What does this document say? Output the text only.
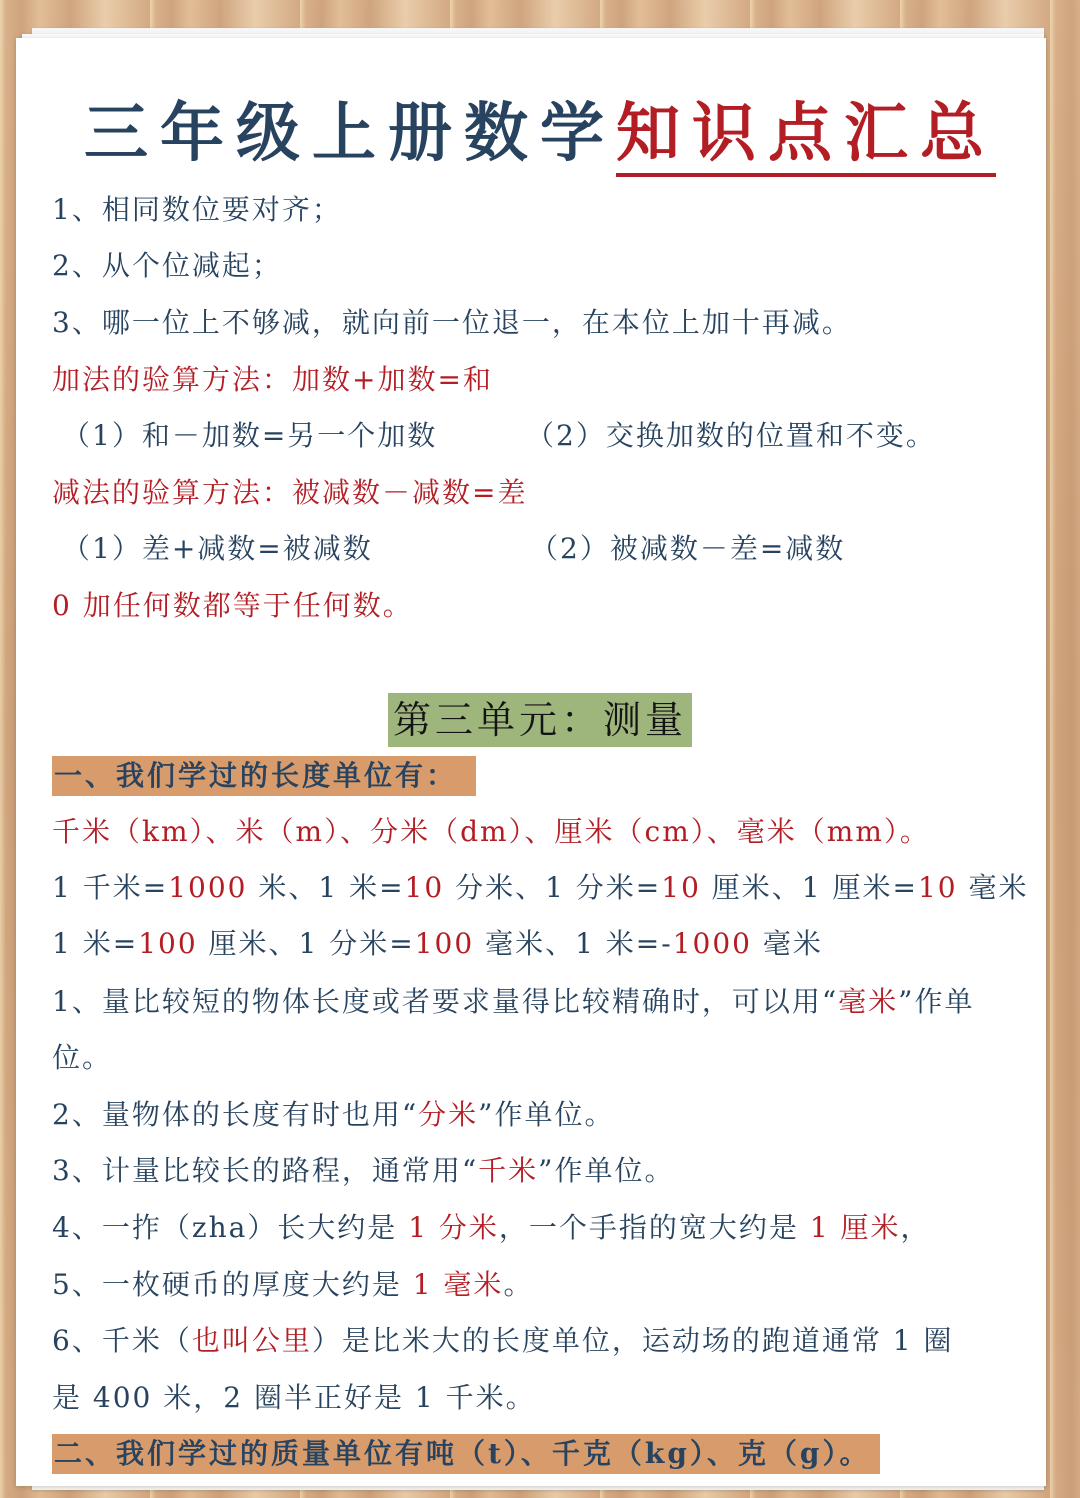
三年级上册数学知识点汇总
1、相同数位要对齐；
2、从个位减起；
3、哪一位上不够减，就向前一位退一，在本位上加十再减。
加法的验算方法：加数+加数=和
（1）和－加数=另一个加数	（2）交换加数的位置和不变。
减法的验算方法：被减数－减数=差
（1）差+减数=被减数	（2）被减数－差=减数
0 加任何数都等于任何数。
第三单元：测量
一、我们学过的长度单位有：
千米（km）、米（m）、分米（dm）、厘米（cm）、毫米（mm）。
1 千米=1000 米、1 米=10 分米、1 分米=10 厘米、1 厘米=10 毫米
1 米=100 厘米、1 分米=100 毫米、1 米=-1000 毫米
1、量比较短的物体长度或者要求量得比较精确时，可以用“毫米”作单
位。
2、量物体的长度有时也用“分米”作单位。
3、计量比较长的路程，通常用“千米”作单位。
4、一拃（zha）长大约是 1 分米，一个手指的宽大约是 1 厘米，
5、一枚硬币的厚度大约是 1 毫米。
6、千米（也叫公里）是比米大的长度单位，运动场的跑道通常 1 圈
是 400 米，2 圈半正好是 1 千米。
二、我们学过的质量单位有吨（t）、千克（kg）、克（g）。
